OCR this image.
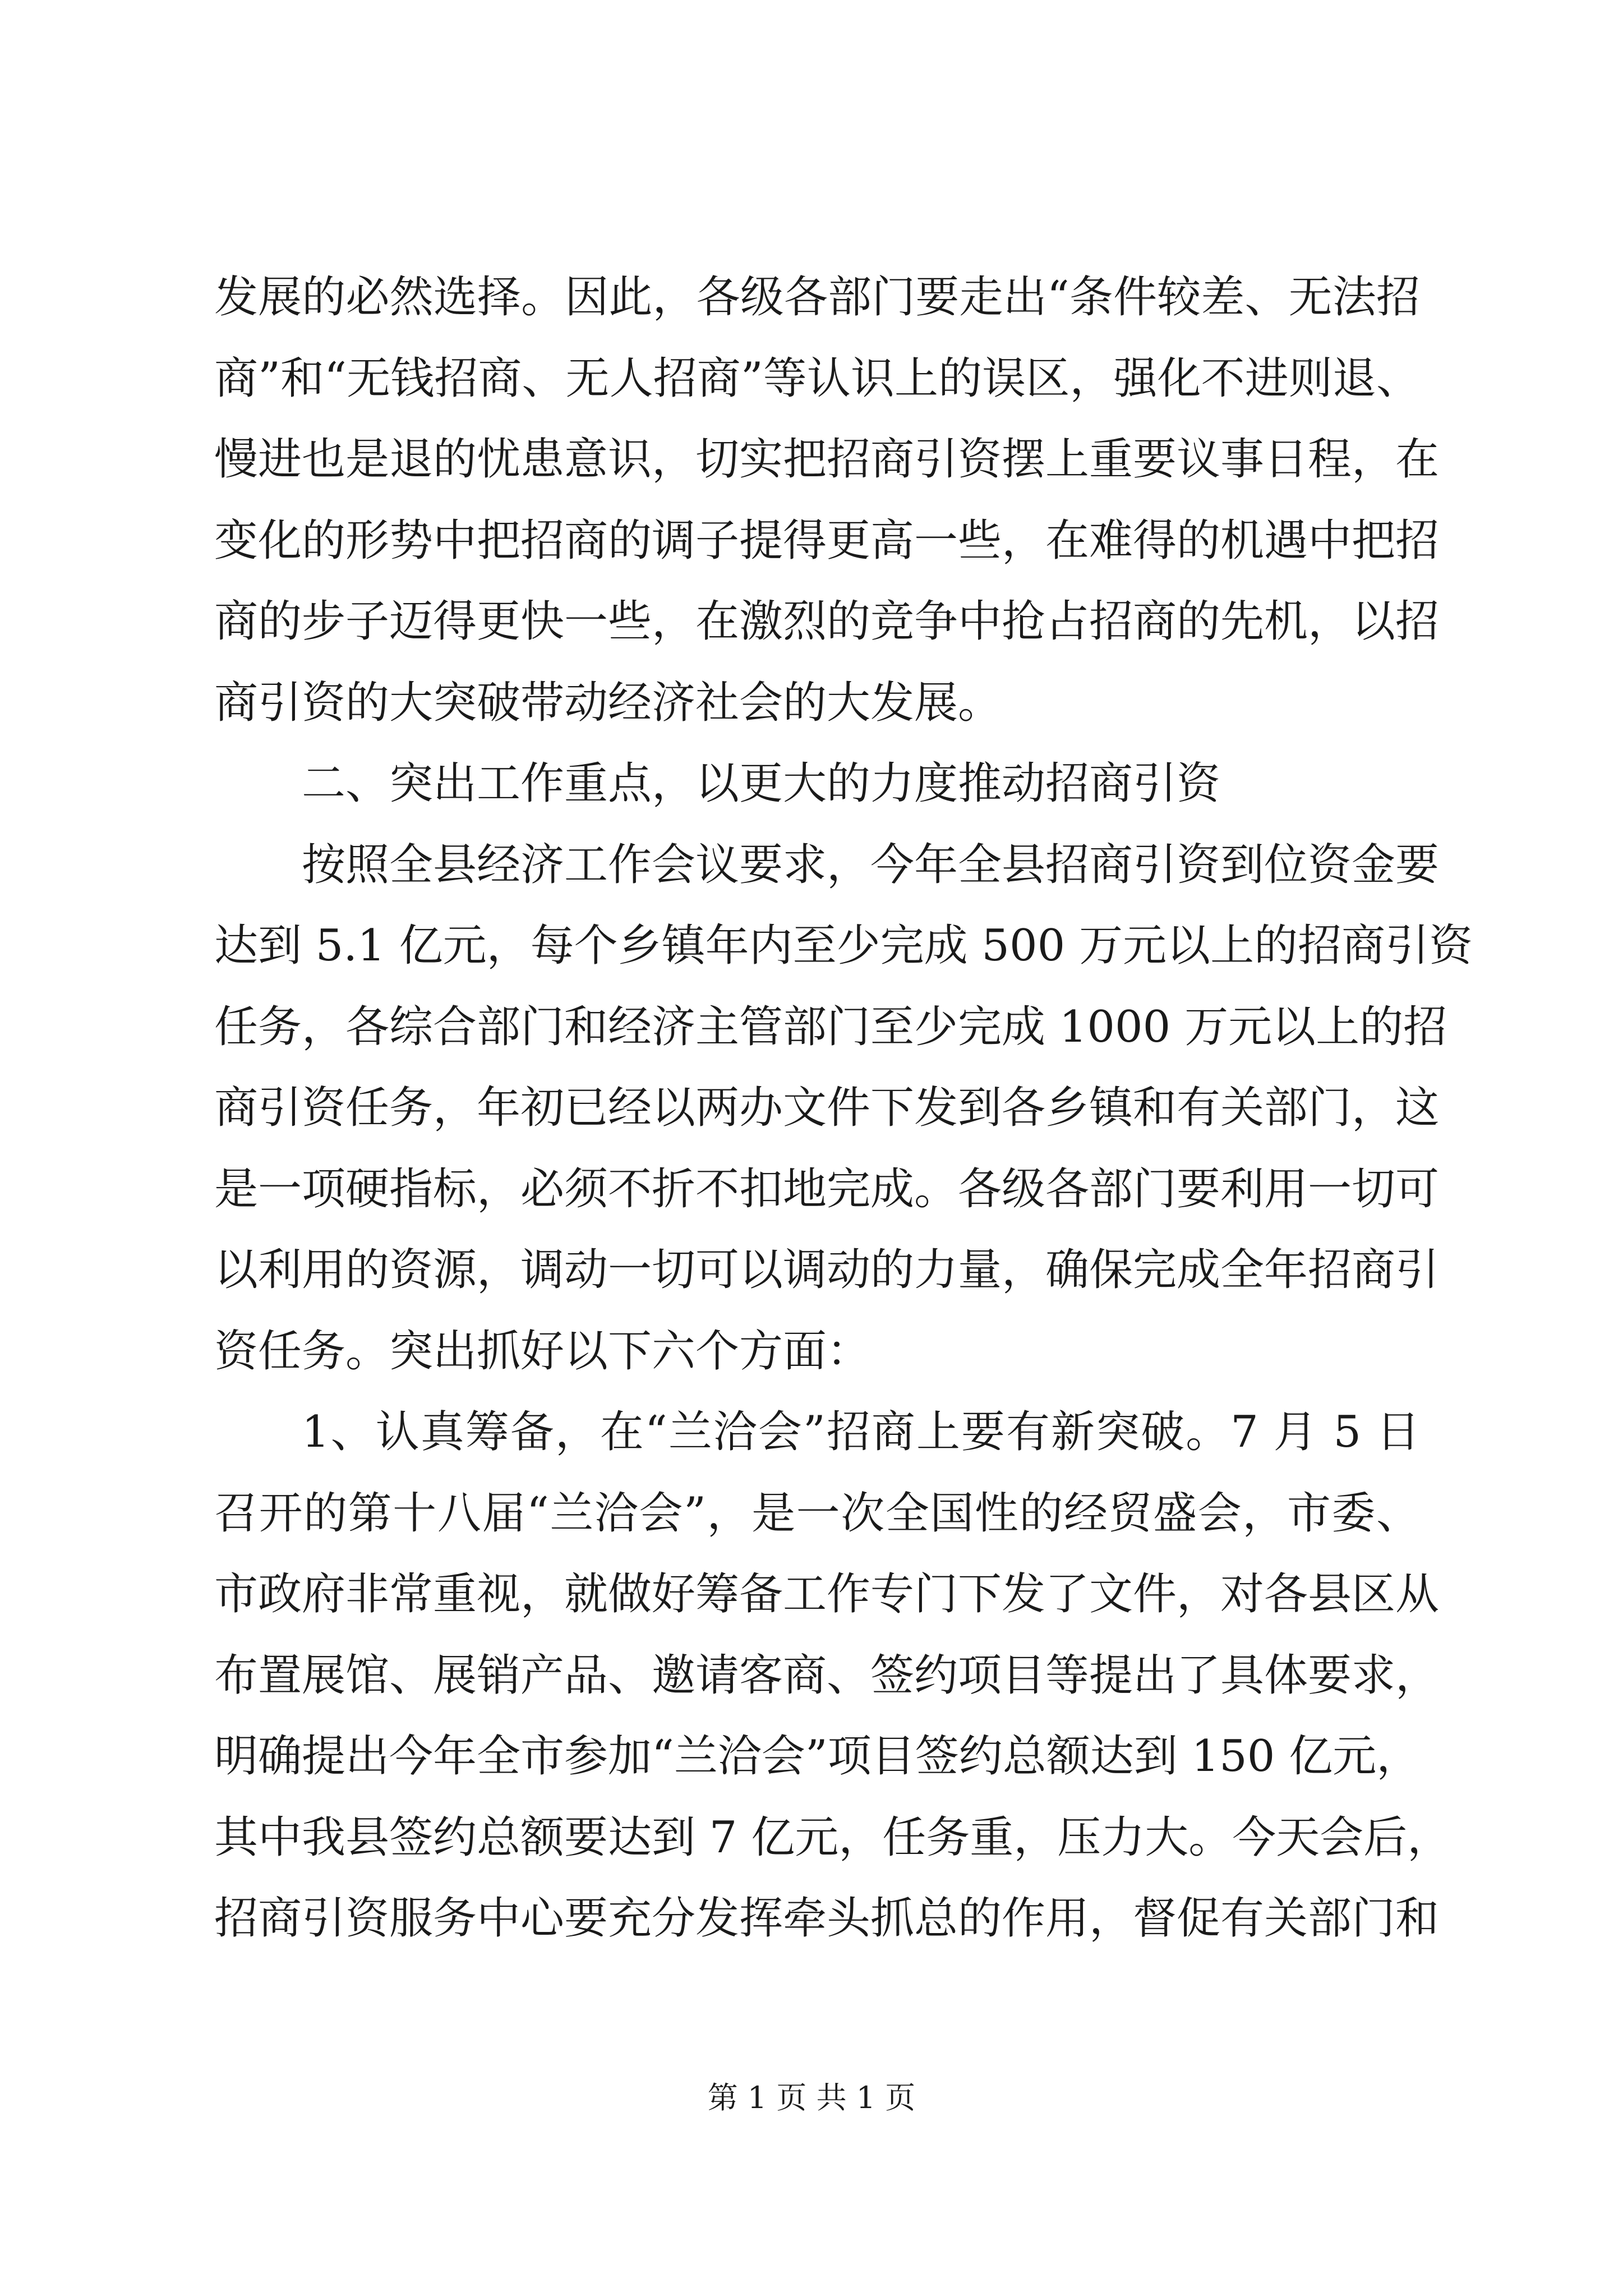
发展的必然选择。因此，各级各部门要走出“条件较差、无法招
商”和“无钱招商、无人招商”等认识上的误区，强化不进则退、
慢进也是退的忧患意识，切实把招商引资摆上重要议事日程，在
变化的形势中把招商的调子提得更高一些，在难得的机遇中把招
商的步子迈得更快一些，在激烈的竞争中抢占招商的先机，以招
商引资的大突破带动经济社会的大发展。
二、突出工作重点，以更大的力度推动招商引资
按照全县经济工作会议要求，今年全县招商引资到位资金要
达到 5.1 亿元，每个乡镇年内至少完成 500 万元以上的招商引资
任务，各综合部门和经济主管部门至少完成 1000 万元以上的招
商引资任务，年初已经以两办文件下发到各乡镇和有关部门，这
是一项硬指标，必须不折不扣地完成。各级各部门要利用一切可
以利用的资源，调动一切可以调动的力量，确保完成全年招商引
资任务。突出抓好以下六个方面：
1、认真筹备，在“兰洽会”招商上要有新突破。7 月 5 日
召开的第十八届“兰洽会”，是一次全国性的经贸盛会，市委、
市政府非常重视，就做好筹备工作专门下发了文件，对各县区从
布置展馆、展销产品、邀请客商、签约项目等提出了具体要求，
明确提出今年全市参加“兰洽会”项目签约总额达到 150 亿元，
其中我县签约总额要达到 7 亿元，任务重，压力大。今天会后，
招商引资服务中心要充分发挥牵头抓总的作用，督促有关部门和
第 1 页 共 1 页
